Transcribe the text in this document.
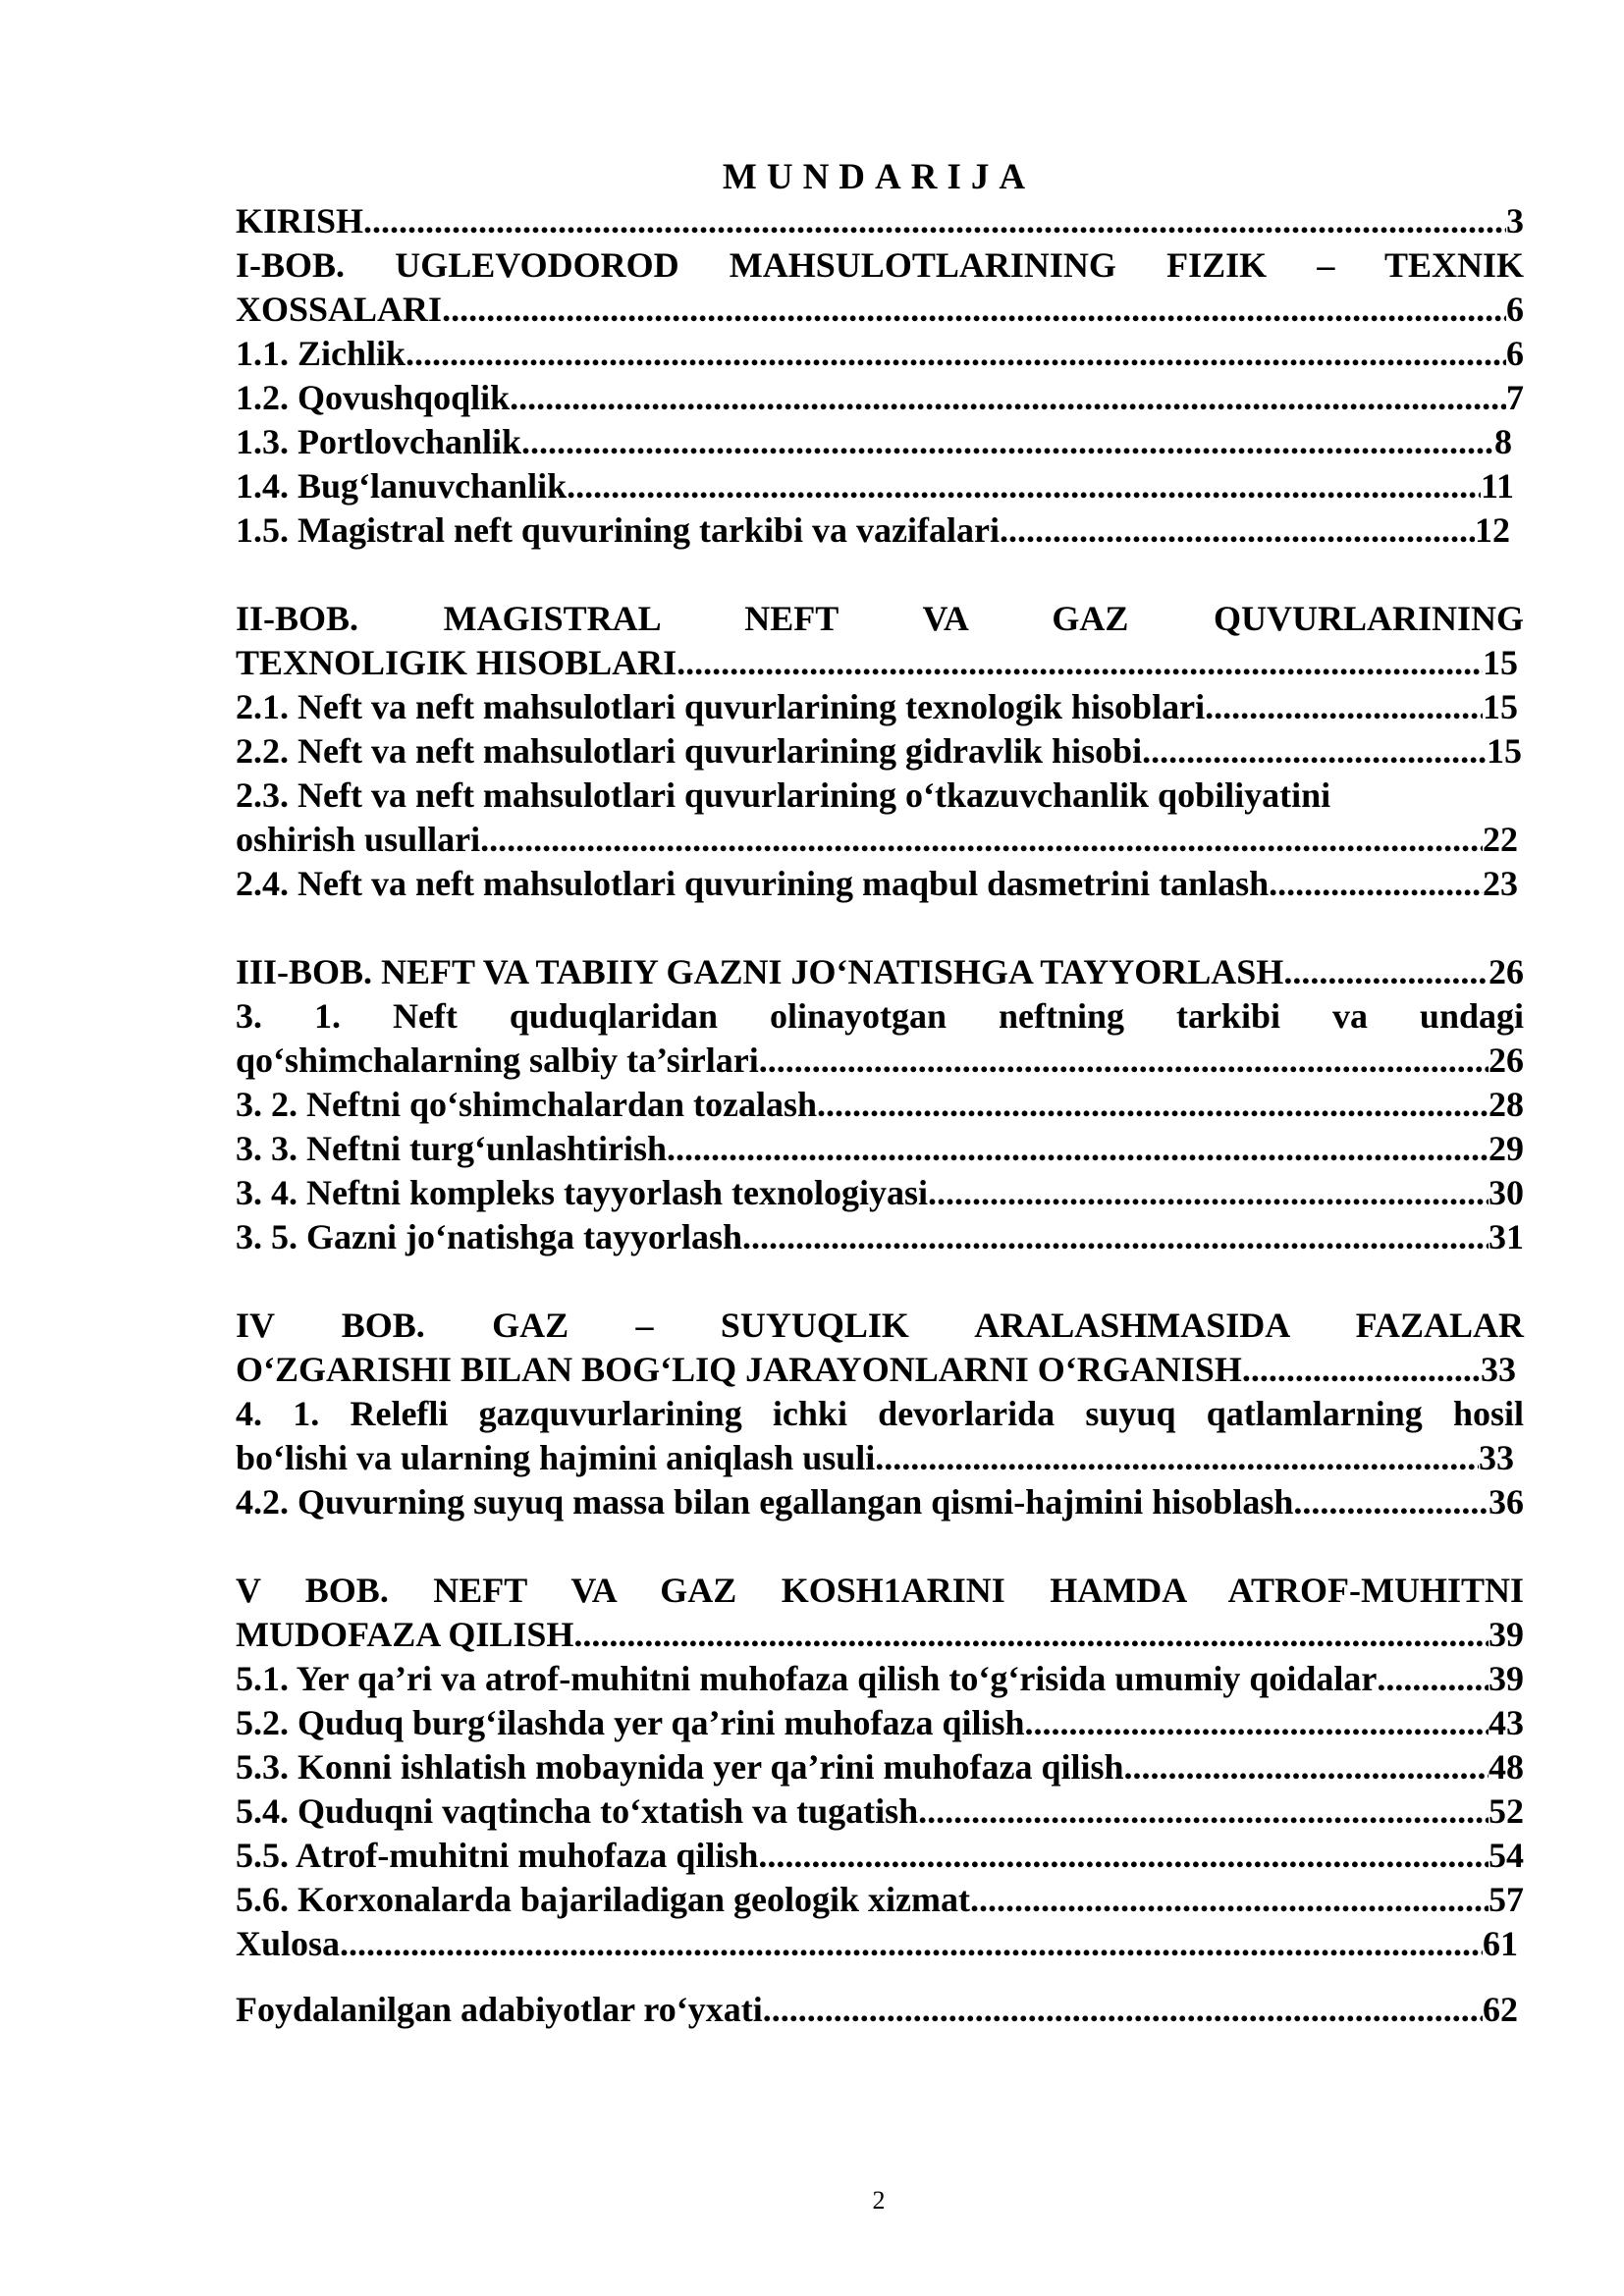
MUNDARIJA
KIRISH .....	3
I-BOB. UGLEVODOROD MAHSULOTLARINING FIZIK – TEXNIK
XOSSALARI .....	6
1.1. Zichlik. .....	6
1.2. Qovushqoqlik .....	7
1.3. Portlovchanlik .....	8
1.4. Bug‘lanuvchanlik .....	11
1.5. Magistral neft quvurining tarkibi va vazifalari .....	12
II-BOB. MAGISTRAL NEFT VA GAZ QUVURLARINING
TEXNOLIGIK HISOBLARI .....	15
2.1. Neft va neft mahsulotlari quvurlarining texnologik hisoblari .....	15
2.2. Neft va neft mahsulotlari quvurlarining gidravlik hisobi .....	15
2.3. Neft va neft mahsulotlari quvurlarining o‘tkazuvchanlik qobiliyatini
oshirish usullari .....	22
2.4. Neft va neft mahsulotlari quvurining maqbul dasmetrini tanlash .....	23
III-BOB. NEFT VA TABIIY GAZNI JO‘NATISHGA TAYYORLASH .....	26
3. 1. Neft quduqlaridan olinayotgan neftning tarkibi va undagi
qo‘shimchalarning salbiy ta’sirlari .....	26
3. 2. Neftni qo‘shimchalardan tozalash .....	28
3. 3. Neftni turg‘unlashtirish .....	29
3. 4. Neftni kompleks tayyorlash texnologiyasi .....	30
3. 5. Gazni jo‘natishga tayyorlash .....	31
IV BOB. GAZ – SUYUQLIK ARALASHMASIDA FAZALAR
O‘ZGARISHI BILAN BOG‘LIQ JARAYONLARNI O‘RGANISH .....	33
4. 1. Relefli gazquvurlarining ichki devorlarida suyuq qatlamlarning hosil
bo‘lishi va ularning hajmini aniqlash usuli .....	33
4.2. Quvurning suyuq massa bilan egallangan qismi-hajmini hisoblash .....	36
V BOB. NEFT VA GAZ KOSH1ARINI HAMDA ATROF-MUHITNI
MUDOFAZA QILISH .....	39
5.1. Yer qa’ri va atrof-muhitni muhofaza qilish to‘g‘risida umumiy qoidalar .....	39
5.2. Quduq burg‘ilashda yer qa’rini muhofaza qilish .....	43
5.3. Konni ishlatish mobaynida yer qa’rini muhofaza qilish .....	48
5.4. Quduqni vaqtincha to‘xtatish va tugatish .....	52
5.5. Atrof-muhitni muhofaza qilish .....	54
5.6. Korxonalarda bajariladigan geologik xizmat .....	57
Xulosa .....	61
Foydalanilgan adabiyotlar ro‘yxati .....	62
2
